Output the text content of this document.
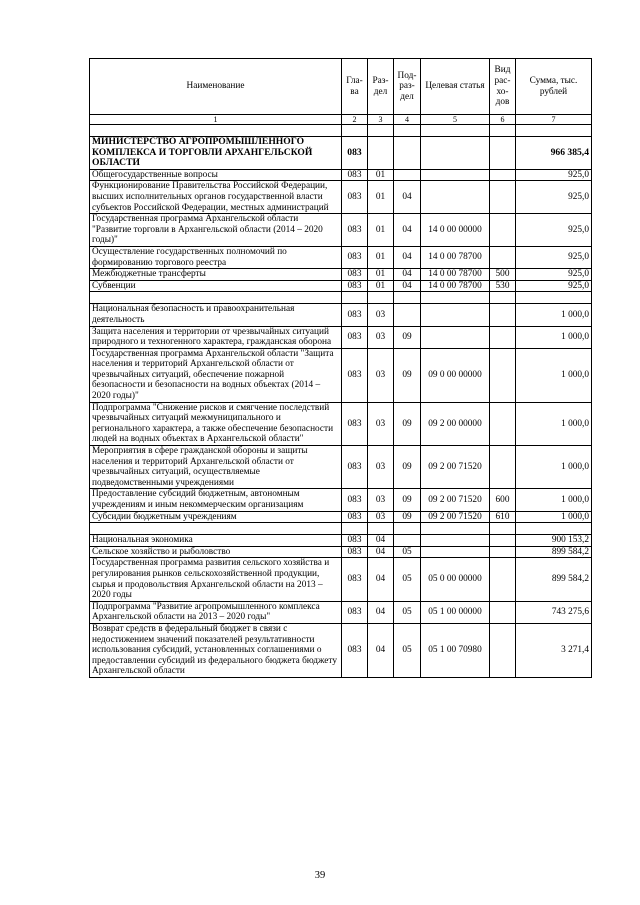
Наименование	Гла-ва	Раз-дел	Под-раз-дел	Целевая статья	Вид рас-хо-дов	Сумма, тыс. рублей
1	2	3	4	5	6	7

МИНИСТЕРСТВО АГРОПРОМЫШЛЕННОГО КОМПЛЕКСА И ТОРГОВЛИ АРХАНГЕЛЬСКОЙ ОБЛАСТИ	083					966 385,4
Общегосударственные вопросы	083	01				925,0
Функционирование Правительства Российской Федерации, высших исполнительных органов государственной власти субъектов Российской Федерации, местных администраций	083	01	04			925,0
Государственная программа Архангельской области "Развитие торговли в Архангельской области (2014 – 2020 годы)"	083	01	04	14 0 00 00000		925,0
Осуществление государственных полномочий по формированию торгового реестра	083	01	04	14 0 00 78700		925,0
Межбюджетные трансферты	083	01	04	14 0 00 78700	500	925,0
Субвенции	083	01	04	14 0 00 78700	530	925,0

Национальная безопасность и правоохранительная деятельность	083	03				1 000,0
Защита населения и территории от чрезвычайных ситуаций природного и техногенного характера, гражданская оборона	083	03	09			1 000,0
Государственная программа Архангельской области "Защита населения и территорий Архангельской области от чрезвычайных ситуаций, обеспечение пожарной безопасности и безопасности на водных объектах (2014 – 2020 годы)"	083	03	09	09 0 00 00000		1 000,0
Подпрограмма "Снижение рисков и смягчение последствий чрезвычайных ситуаций межмуниципального и регионального характера, а также обеспечение безопасности людей на водных объектах в Архангельской области"	083	03	09	09 2 00 00000		1 000,0
Мероприятия в сфере гражданской обороны и защиты населения и территорий Архангельской области от чрезвычайных ситуаций, осуществляемые подведомственными учреждениями	083	03	09	09 2 00 71520		1 000,0
Предоставление субсидий бюджетным, автономным учреждениям и иным некоммерческим организациям	083	03	09	09 2 00 71520	600	1 000,0
Субсидии бюджетным учреждениям	083	03	09	09 2 00 71520	610	1 000,0

Национальная экономика	083	04				900 153,2
Сельское хозяйство и рыболовство	083	04	05			899 584,2
Государственная программа развития сельского хозяйства и регулирования рынков сельскохозяйственной продукции, сырья и продовольствия Архангельской области на 2013 – 2020 годы	083	04	05	05 0 00 00000		899 584,2
Подпрограмма "Развитие агропромышленного комплекса Архангельской области на 2013 – 2020 годы"	083	04	05	05 1 00 00000		743 275,6
Возврат средств в федеральный бюджет в связи с недостижением значений показателей результативности использования субсидий, установленных соглашениями о предоставлении субсидий из федерального бюджета бюджету Архангельской области	083	04	05	05 1 00 70980		3 271,4
39
